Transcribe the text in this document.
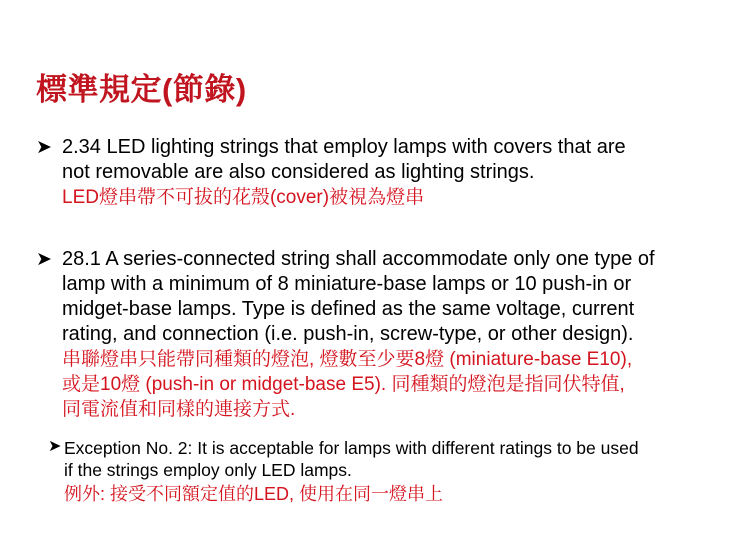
標準規定(節錄)
➤ 2.34 LED lighting strings that employ lamps with covers that are
not removable are also considered as lighting strings.
LED燈串帶不可拔的花殼(cover)被視為燈串
➤ 28.1 A series-connected string shall accommodate only one type of
lamp with a minimum of 8 miniature-base lamps or 10 push-in or
midget-base lamps. Type is defined as the same voltage, current
rating, and connection (i.e. push-in, screw-type, or other design).
串聯燈串只能帶同種類的燈泡, 燈數至少要8燈 (miniature-base E10),
或是10燈 (push-in or midget-base E5). 同種類的燈泡是指同伏特值,
同電流值和同樣的連接方式.
➤ Exception No. 2: It is acceptable for lamps with different ratings to be used
if the strings employ only LED lamps.
例外: 接受不同額定值的LED, 使用在同一燈串上
